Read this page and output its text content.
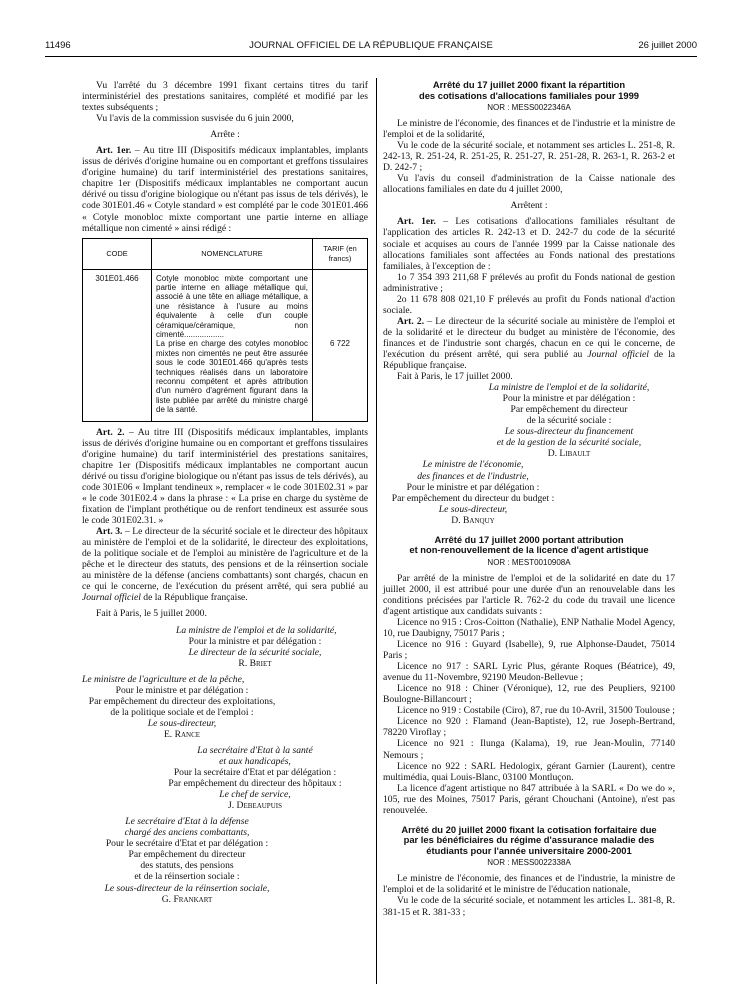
11496	JOURNAL OFFICIEL DE LA RÉPUBLIQUE FRANÇAISE	26 juillet 2000

Vu l'arrêté du 3 décembre 1991 fixant certains titres du tarif interministériel des prestations sanitaires, complété et modifié par les textes subséquents ;

Vu l'avis de la commission susvisée du 6 juin 2000,

Arrête :

Art. 1er. – Au titre III (Dispositifs médicaux implantables, implants issus de dérivés d'origine humaine ou en comportant et greffons tissulaires d'origine humaine) du tarif interministériel des prestations sanitaires, chapitre 1er (Dispositifs médicaux implantables ne comportant aucun dérivé ou tissu d'origine biologique ou n'étant pas issus de tels dérivés), le code 301E01.46 « Cotyle standard » est complété par le code 301E01.466 « Cotyle monobloc mixte comportant une partie interne en alliage métallique non cimenté » ainsi rédigé :

CODE	NOMENCLATURE	TARIF (en francs)
301E01.466	Cotyle monobloc mixte comportant une partie interne en alliage métallique qui, associé à une tête en alliage métallique, a une résistance à l'usure au moins équivalente à celle d'un couple céramique/céramique, non cimenté..................

La prise en charge des cotyles monobloc mixtes non cimentés ne peut être assurée sous le code 301E01.466 qu'après tests techniques réalisés dans un laboratoire reconnu compétent et après attribution d'un numéro d'agrément figurant dans la liste publiée par arrêté du ministre chargé de la santé.	6 722

Art. 2. – Au titre III (Dispositifs médicaux implantables, implants issus de dérivés d'origine humaine ou en comportant et greffons tissulaires d'origine humaine) du tarif interministériel des prestations sanitaires, chapitre 1er (Dispositifs médicaux implantables ne comportant aucun dérivé ou tissu d'origine biologique ou n'étant pas issus de tels dérivés), au code 301E06 « Implant tendineux », remplacer « le code 301E02.31 » par « le code 301E02.4 » dans la phrase : « La prise en charge du système de fixation de l'implant prothétique ou de renfort tendineux est assurée sous le code 301E02.31. »

Art. 3. – Le directeur de la sécurité sociale et le directeur des hôpitaux au ministère de l'emploi et de la solidarité, le directeur des exploitations, de la politique sociale et de l'emploi au ministère de l'agriculture et de la pêche et le directeur des statuts, des pensions et de la réinsertion sociale au ministère de la défense (anciens combattants) sont chargés, chacun en ce qui le concerne, de l'exécution du présent arrêté, qui sera publié au Journal officiel de la République française.

Fait à Paris, le 5 juillet 2000.

La ministre de l'emploi et de la solidarité,

Pour la ministre et par délégation :

Le directeur de la sécurité sociale,

R. Briet

Le ministre de l'agriculture et de la pêche,

Pour le ministre et par délégation :

Par empêchement du directeur des exploitations,

de la politique sociale et de l'emploi :

Le sous-directeur,

E. Rance

La secrétaire d'Etat à la santé

et aux handicapés,

Pour la secrétaire d'Etat et par délégation :

Par empêchement du directeur des hôpitaux :

Le chef de service,

J. Debeaupuis

Le secrétaire d'Etat à la défense

chargé des anciens combattants,

Pour le secrétaire d'Etat et par délégation :

Par empêchement du directeur

des statuts, des pensions

et de la réinsertion sociale :

Le sous-directeur de la réinsertion sociale,

G. Frankart

Arrêté du 17 juillet 2000 fixant la répartition

des cotisations d'allocations familiales pour 1999

NOR : MESS0022346A

Le ministre de l'économie, des finances et de l'industrie et la ministre de l'emploi et de la solidarité,

Vu le code de la sécurité sociale, et notamment ses articles L. 251-8, R. 242-13, R. 251-24, R. 251-25, R. 251-27, R. 251-28, R. 263-1, R. 263-2 et D. 242-7 ;

Vu l'avis du conseil d'administration de la Caisse nationale des allocations familiales en date du 4 juillet 2000,

Arrêtent :

Art. 1er. – Les cotisations d'allocations familiales résultant de l'application des articles R. 242-13 et D. 242-7 du code de la sécurité sociale et acquises au cours de l'année 1999 par la Caisse nationale des allocations familiales sont affectées au Fonds national des prestations familiales, à l'exception de :

1o 7 354 393 211,68 F prélevés au profit du Fonds national de gestion administrative ;

2o 11 678 808 021,10 F prélevés au profit du Fonds national d'action sociale.

Art. 2. – Le directeur de la sécurité sociale au ministère de l'emploi et de la solidarité et le directeur du budget au ministère de l'économie, des finances et de l'industrie sont chargés, chacun en ce qui le concerne, de l'exécution du présent arrêté, qui sera publié au Journal officiel de la République française.

Fait à Paris, le 17 juillet 2000.

La ministre de l'emploi et de la solidarité,

Pour la ministre et par délégation :

Par empêchement du directeur

de la sécurité sociale :

Le sous-directeur du financement

et de la gestion de la sécurité sociale,

D. Libault

Le ministre de l'économie,

des finances et de l'industrie,

Pour le ministre et par délégation :

Par empêchement du directeur du budget :

Le sous-directeur,

D. Banquy

Arrêté du 17 juillet 2000 portant attribution

et non-renouvellement de la licence d'agent artistique

NOR : MEST0010908A

Par arrêté de la ministre de l'emploi et de la solidarité en date du 17 juillet 2000, il est attribué pour une durée d'un an renouvelable dans les conditions précisées par l'article R. 762-2 du code du travail une licence d'agent artistique aux candidats suivants :

Licence no 915 : Cros-Coitton (Nathalie), ENP Nathalie Model Agency, 10, rue Daubigny, 75017 Paris ;

Licence no 916 : Guyard (Isabelle), 9, rue Alphonse-Daudet, 75014 Paris ;

Licence no 917 : SARL Lyric Plus, gérante Roques (Béatrice), 49, avenue du 11-Novembre, 92190 Meudon-Bellevue ;

Licence no 918 : Chiner (Véronique), 12, rue des Peupliers, 92100 Boulogne-Billancourt ;

Licence no 919 : Costabile (Ciro), 87, rue du 10-Avril, 31500 Toulouse ;

Licence no 920 : Flamand (Jean-Baptiste), 12, rue Joseph-Bertrand, 78220 Viroflay ;

Licence no 921 : Ilunga (Kalama), 19, rue Jean-Moulin, 77140 Nemours ;

Licence no 922 : SARL Hedologix, gérant Garnier (Laurent), centre multimédia, quai Louis-Blanc, 03100 Montluçon.

La licence d'agent artistique no 847 attribuée à la SARL « Do we do », 105, rue des Moines, 75017 Paris, gérant Chouchani (Antoine), n'est pas renouvelée.

Arrêté du 20 juillet 2000 fixant la cotisation forfaitaire due

par les bénéficiaires du régime d'assurance maladie des

étudiants pour l'année universitaire 2000-2001

NOR : MESS0022338A

Le ministre de l'économie, des finances et de l'industrie, la ministre de l'emploi et de la solidarité et le ministre de l'éducation nationale,

Vu le code de la sécurité sociale, et notamment les articles L. 381-8, R. 381-15 et R. 381-33 ;
